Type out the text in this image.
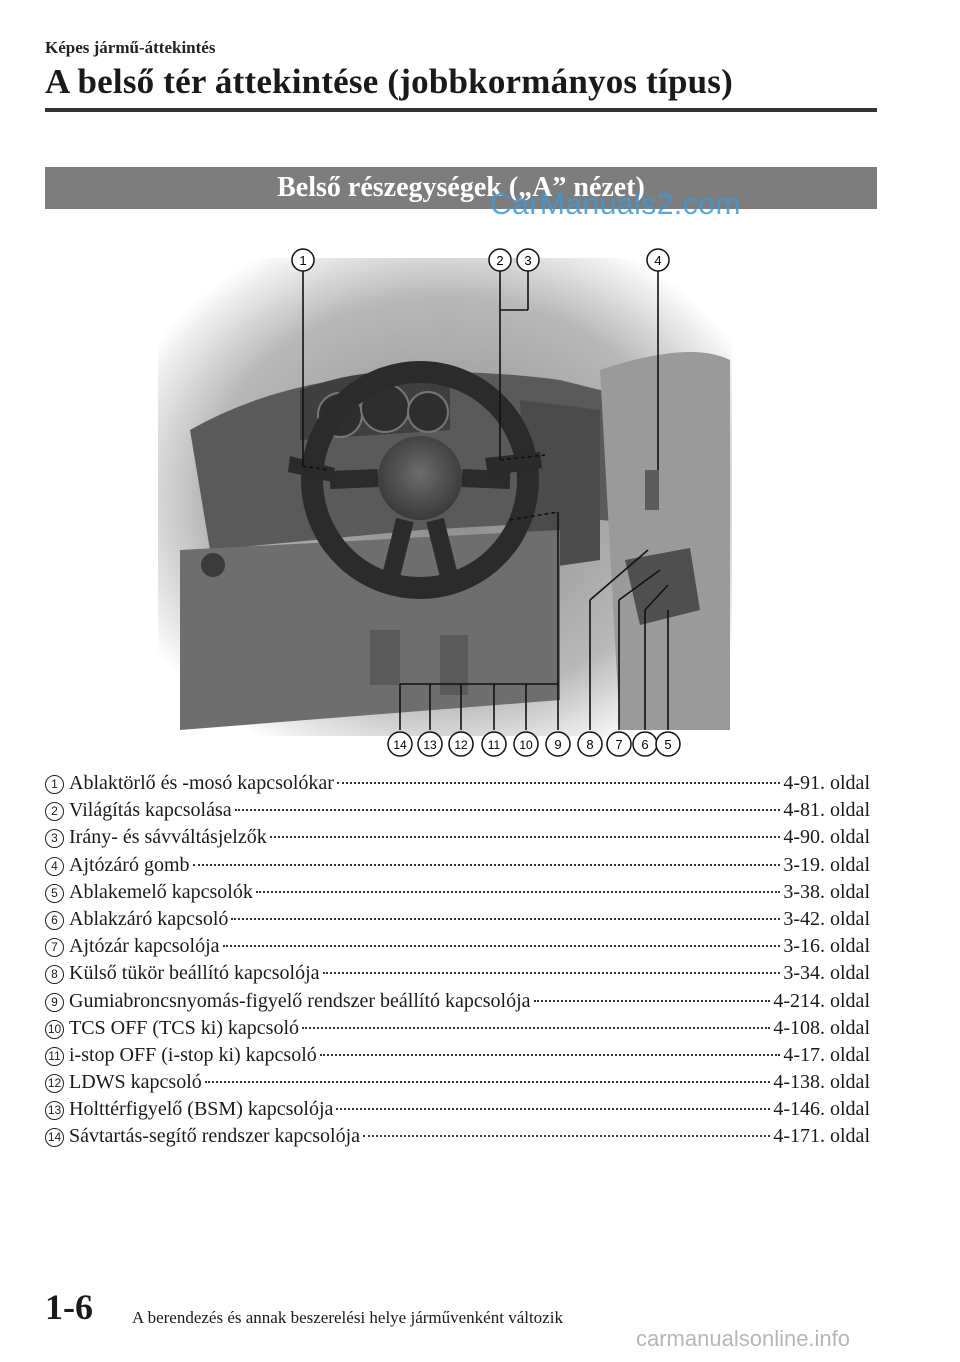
Képes jármű-áttekintés
A belső tér áttekintése (jobbkormányos típus)
Belső részegységek („A” nézet)
CarManuals2.com
1	2 3	4
14 13 12 11 10 9 8 7 6 5
1 Ablaktörlő és -mosó kapcsolókar	4-91. oldal
2 Világítás kapcsolása	4-81. oldal
3 Irány- és sávváltásjelzők	4-90. oldal
4 Ajtózáró gomb	3-19. oldal
5 Ablakemelő kapcsolók	3-38. oldal
6 Ablakzáró kapcsoló	3-42. oldal
7 Ajtózár kapcsolója	3-16. oldal
8 Külső tükör beállító kapcsolója	3-34. oldal
9 Gumiabroncsnyomás-figyelő rendszer beállító kapcsolója	4-214. oldal
10 TCS OFF (TCS ki) kapcsoló	4-108. oldal
11 i-stop OFF (i-stop ki) kapcsoló	4-17. oldal
12 LDWS kapcsoló	4-138. oldal
13 Holttérfigyelő (BSM) kapcsolója	4-146. oldal
14 Sávtartás-segítő rendszer kapcsolója	4-171. oldal
1-6 A berendezés és annak beszerelési helye járművenként változik
carmanualsonline.info
